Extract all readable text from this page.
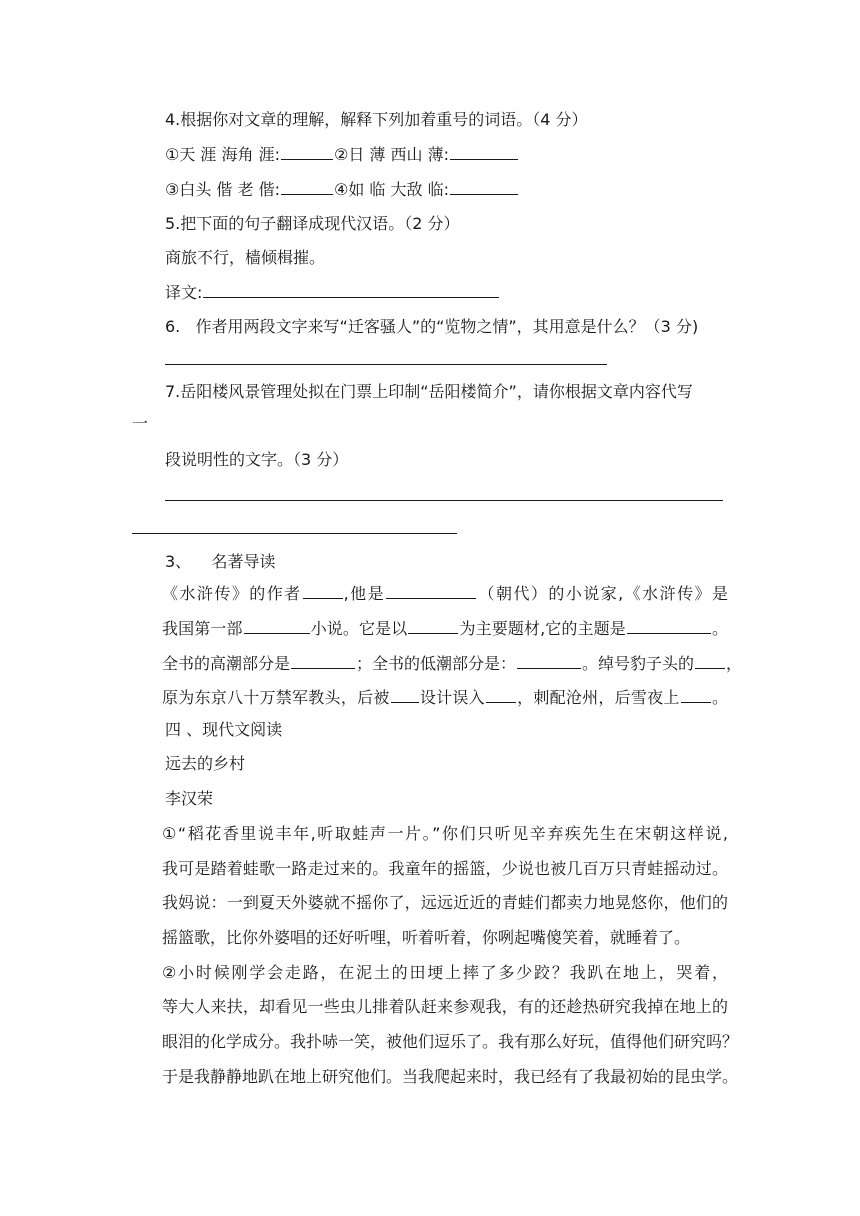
4.根据你对文章的理解，解释下列加着重号的词语。（4 分）
①天 涯 海角 涯:	②日 薄 西山 薄:
③白头 偕 老 偕:	④如 临 大敌 临:
5.把下面的句子翻译成现代汉语。（2 分）
商旅不行，樯倾楫摧。
译文:
6.   作者用两段文字来写“迁客骚人”的“览物之情”，其用意是什么？（3 分)
7.岳阳楼风景管理处拟在门票上印制“岳阳楼简介”，请你根据文章内容代写
一
段说明性的文字。（3 分）
3、    名著导读
《水浒传》的作者	,他是	（朝代）的小说家,《水浒传》是
我国第一部	小说。它是以	为主要题材,它的主题是	。
全书的高潮部分是	；全书的低潮部分是：	。绰号豹子头的 ，
原为东京八十万禁军教头，后被 设计误入 ，刺配沧州，后雪夜上 。
四 、现代文阅读
远去的乡村
李汉荣
①“稻花香里说丰年,听取蛙声一片。”你们只听见辛弃疾先生在宋朝这样说,
我可是踏着蛙歌一路走过来的。我童年的摇篮，少说也被几百万只青蛙摇动过。
我妈说：一到夏天外婆就不摇你了，远远近近的青蛙们都卖力地晃悠你，他们的
摇篮歌，比你外婆唱的还好听哩，听着听着，你咧起嘴傻笑着，就睡着了。
②小时候刚学会走路，在泥土的田埂上摔了多少跤？我趴在地上，哭着，
等大人来扶，却看见一些虫儿排着队赶来参观我，有的还趁热研究我掉在地上的
眼泪的化学成分。我扑哧一笑，被他们逗乐了。我有那么好玩，值得他们研究吗？
于是我静静地趴在地上研究他们。当我爬起来时，我已经有了我最初始的昆虫学。
